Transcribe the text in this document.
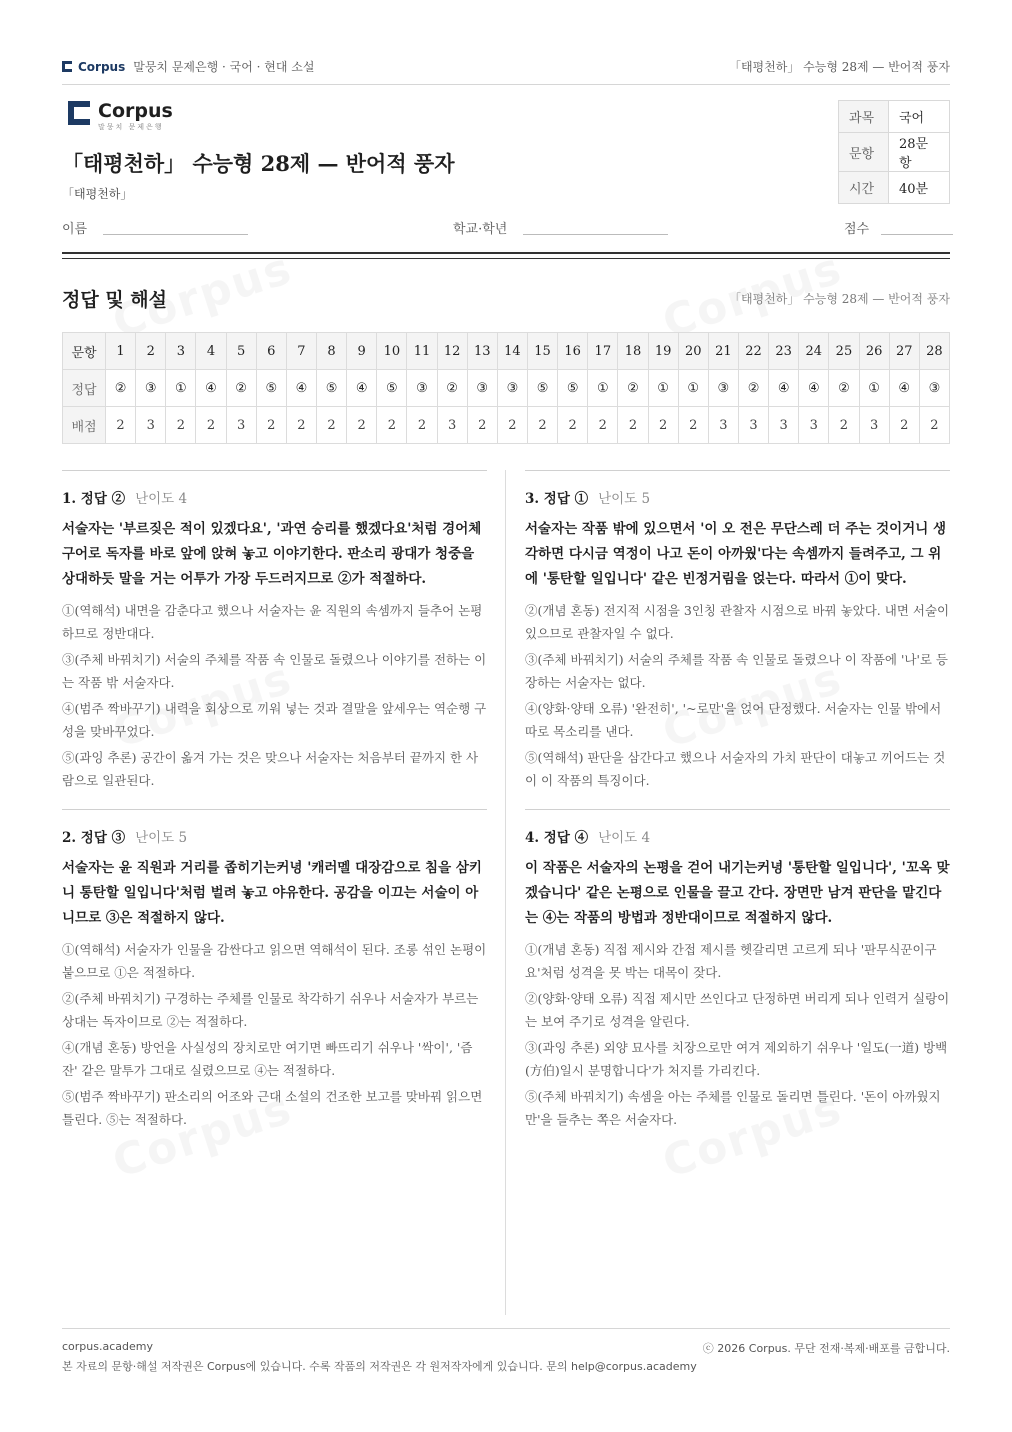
Corpus 말뭉치 문제은행 · 국어 · 현대 소설	「태평천하」 수능형 28제 — 반어적 풍자
Corpus
말뭉치 문제은행
「태평천하」 수능형 28제 — 반어적 풍자
「태평천하」
과목	국어
문항	28문항
시간	40분
이름	학교·학년	점수
정답 및 해설	「태평천하」 수능형 28제 — 반어적 풍자
문항	1	2	3	4	5	6	7	8	9	10	11	12	13	14	15	16	17	18	19	20	21	22	23	24	25	26	27	28
정답	②	③	①	④	②	⑤	④	⑤	④	⑤	③	②	③	③	⑤	⑤	①	②	①	①	③	②	④	④	②	①	④	③
배점	2	3	2	2	3	2	2	2	2	2	2	3	2	2	2	2	2	2	2	2	3	3	3	3	2	3	2	2
1. 정답 ② 난이도 4

서술자는 '부르짖은 적이 있겠다요', '과연 승리를 했겠다요'처럼 경어체 구어로 독자를 바로 앞에 앉혀 놓고 이야기한다. 판소리 광대가 청중을 상대하듯 말을 거는 어투가 가장 두드러지므로 ②가 적절하다.

①(역해석) 내면을 감춘다고 했으나 서술자는 윤 직원의 속셈까지 들추어 논평하므로 정반대다.

③(주체 바꿔치기) 서술의 주체를 작품 속 인물로 돌렸으나 이야기를 전하는 이는 작품 밖 서술자다.

④(범주 짝바꾸기) 내력을 회상으로 끼워 넣는 것과 결말을 앞세우는 역순행 구성을 맞바꾸었다.

⑤(과잉 추론) 공간이 옮겨 가는 것은 맞으나 서술자는 처음부터 끝까지 한 사람으로 일관된다.

2. 정답 ③ 난이도 5

서술자는 윤 직원과 거리를 좁히기는커녕 '캐러멜 대장감으로 침을 삼키니 통탄할 일입니다'처럼 벌려 놓고 야유한다. 공감을 이끄는 서술이 아니므로 ③은 적절하지 않다.

①(역해석) 서술자가 인물을 감싼다고 읽으면 역해석이 된다. 조롱 섞인 논평이 붙으므로 ①은 적절하다.

②(주체 바꿔치기) 구경하는 주체를 인물로 착각하기 쉬우나 서술자가 부르는 상대는 독자이므로 ②는 적절하다.

④(개념 혼동) 방언을 사실성의 장치로만 여기면 빠뜨리기 쉬우나 '싹이', '즘잔' 같은 말투가 그대로 실렸으므로 ④는 적절하다.

⑤(범주 짝바꾸기) 판소리의 어조와 근대 소설의 건조한 보고를 맞바꿔 읽으면 틀린다. ⑤는 적절하다.

3. 정답 ① 난이도 5

서술자는 작품 밖에 있으면서 '이 오 전은 무단스레 더 주는 것이거니 생각하면 다시금 역정이 나고 돈이 아까웠'다는 속셈까지 들려주고, 그 위에 '통탄할 일입니다' 같은 빈정거림을 얹는다. 따라서 ①이 맞다.

②(개념 혼동) 전지적 시점을 3인칭 관찰자 시점으로 바꿔 놓았다. 내면 서술이 있으므로 관찰자일 수 없다.

③(주체 바꿔치기) 서술의 주체를 작품 속 인물로 돌렸으나 이 작품에 '나'로 등장하는 서술자는 없다.

④(양화·양태 오류) '완전히', '~로만'을 얹어 단정했다. 서술자는 인물 밖에서 따로 목소리를 낸다.

⑤(역해석) 판단을 삼간다고 했으나 서술자의 가치 판단이 대놓고 끼어드는 것이 이 작품의 특징이다.

4. 정답 ④ 난이도 4

이 작품은 서술자의 논평을 걷어 내기는커녕 '통탄할 일입니다', '꼬옥 맞겠습니다' 같은 논평으로 인물을 끌고 간다. 장면만 남겨 판단을 맡긴다는 ④는 작품의 방법과 정반대이므로 적절하지 않다.

①(개념 혼동) 직접 제시와 간접 제시를 헷갈리면 고르게 되나 '판무식꾼이구요'처럼 성격을 못 박는 대목이 잦다.

②(양화·양태 오류) 직접 제시만 쓰인다고 단정하면 버리게 되나 인력거 실랑이는 보여 주기로 성격을 알린다.

③(과잉 추론) 외양 묘사를 치장으로만 여겨 제외하기 쉬우나 '일도(一道) 방백(方伯)일시 분명합니다'가 처지를 가리킨다.

⑤(주체 바꿔치기) 속셈을 아는 주체를 인물로 돌리면 틀린다. '돈이 아까웠지만'을 들추는 쪽은 서술자다.

corpus.academy	ⓒ 2026 Corpus. 무단 전재·복제·배포를 금합니다.
본 자료의 문항·해설 저작권은 Corpus에 있습니다. 수록 작품의 저작권은 각 원저작자에게 있습니다. 문의 help@corpus.academy
